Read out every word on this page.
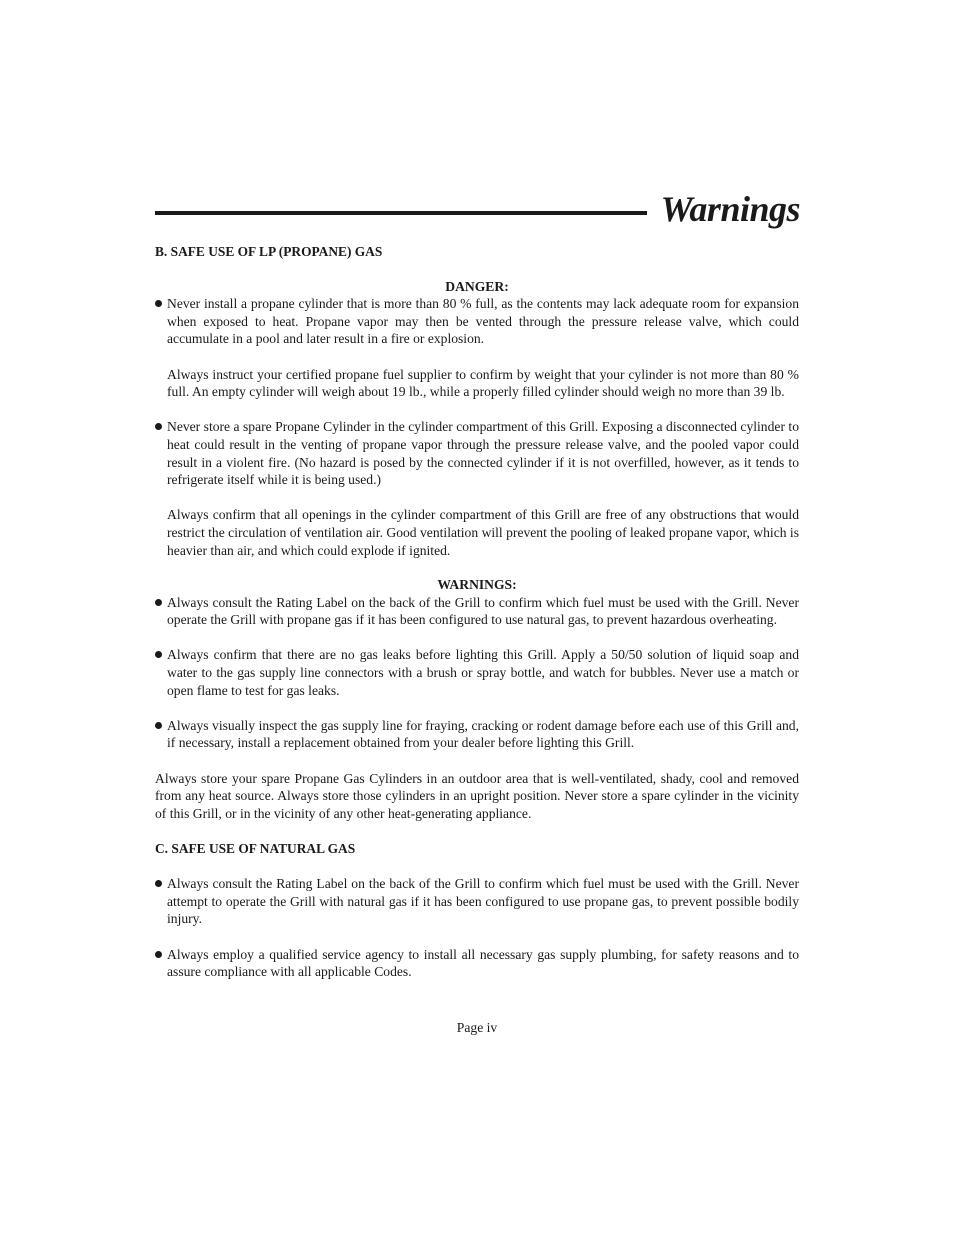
Warnings

B. SAFE USE OF LP (PROPANE) GAS

DANGER:

Never install a propane cylinder that is more than 80 % full, as the contents may lack adequate room for expansion when exposed to heat. Propane vapor may then be vented through the pressure release valve, which could accumulate in a pool and later result in a fire or explosion.

Always instruct your certified propane fuel supplier to confirm by weight that your cylinder is not more than 80 % full. An empty cylinder will weigh about 19 lb., while a properly filled cylinder should weigh no more than 39 lb.

Never store a spare Propane Cylinder in the cylinder compartment of this Grill. Exposing a disconnected cylinder to heat could result in the venting of propane vapor through the pressure release valve, and the pooled vapor could result in a violent fire. (No hazard is posed by the connected cylinder if it is not overfilled, however, as it tends to refrigerate itself while it is being used.)

Always confirm that all openings in the cylinder compartment of this Grill are free of any obstructions that would restrict the circulation of ventilation air. Good ventilation will prevent the pooling of leaked propane vapor, which is heavier than air, and which could explode if ignited.

WARNINGS:

Always consult the Rating Label on the back of the Grill to confirm which fuel must be used with the Grill. Never operate the Grill with propane gas if it has been configured to use natural gas, to prevent hazardous overheating.

Always confirm that there are no gas leaks before lighting this Grill. Apply a 50/50 solution of liquid soap and water to the gas supply line connectors with a brush or spray bottle, and watch for bubbles. Never use a match or open flame to test for gas leaks.

Always visually inspect the gas supply line for fraying, cracking or rodent damage before each use of this Grill and, if necessary, install a replacement obtained from your dealer before lighting this Grill.

Always store your spare Propane Gas Cylinders in an outdoor area that is well-ventilated, shady, cool and removed from any heat source. Always store those cylinders in an upright position. Never store a spare cylinder in the vicinity of this Grill, or in the vicinity of any other heat-generating appliance.

C. SAFE USE OF NATURAL GAS

Always consult the Rating Label on the back of the Grill to confirm which fuel must be used with the Grill. Never attempt to operate the Grill with natural gas if it has been configured to use propane gas, to prevent possible bodily injury.

Always employ a qualified service agency to install all necessary gas supply plumbing, for safety reasons and to assure compliance with all applicable Codes.

Page iv
